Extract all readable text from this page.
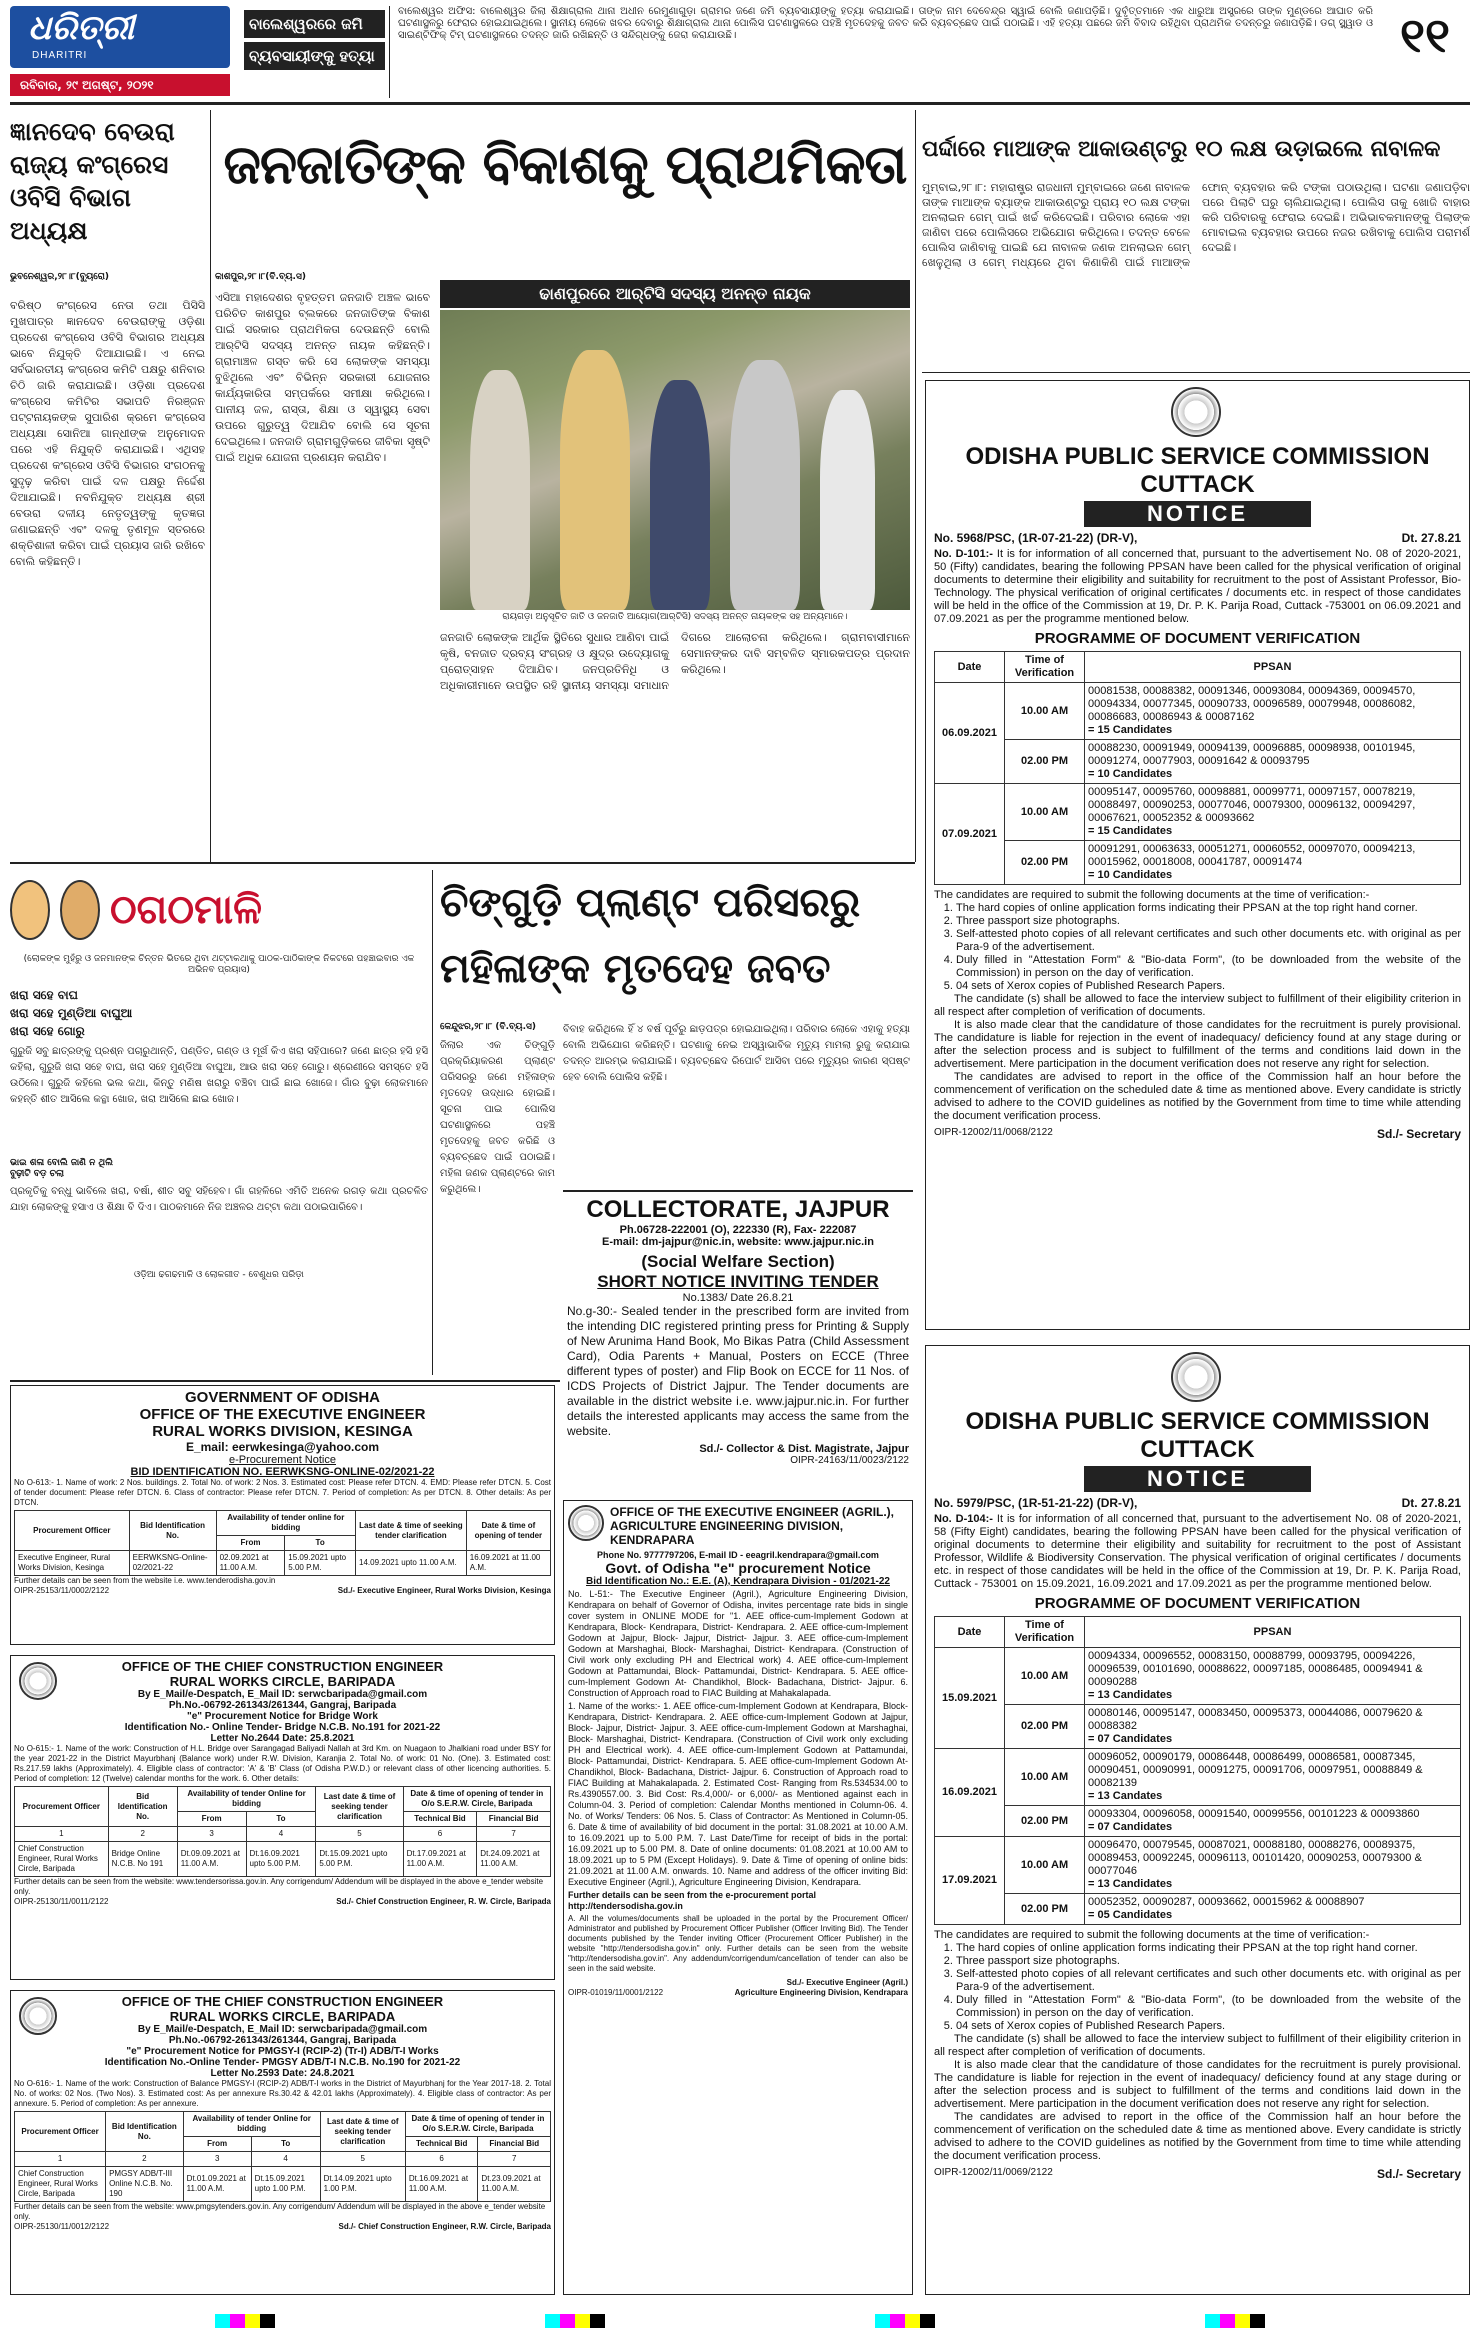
ଧରିତ୍ରୀ
DHARITRI
ରବିବାର, ୨୯ ଅଗଷ୍ଟ, ୨୦୨୧
୧୧
ବାଲେଶ୍ୱରରେ ଜମି
ବ୍ୟବସାୟୀଙ୍କୁ ହତ୍ୟା
ବାଲେଶ୍ୱର ଅଫିସ: ବାଲେଶ୍ୱର ଜିଲା ଶିକ୍ଷାଗ୍ରାଲ ଥାନା ଅଧୀନ ରେମୁଣାଗୁଡ଼ା ଗ୍ରାମର ଜଣେ ଜମି ବ୍ୟବସାୟୀଙ୍କୁ ହତ୍ୟା କରାଯାଇଛି। ତାଙ୍କ ନାମ ଦେବେନ୍ଦ୍ର ସ୍ୱାଇଁ ବୋଲି ଜଣାପଡ଼ିଛି। ଦୁର୍ବୃତ୍ତମାନେ ଏକ ଧାରୁଆ ଅସ୍ତ୍ରରେ ତାଙ୍କ ମୁଣ୍ଡରେ ଆଘାତ କରି ଘଟଣାସ୍ଥଳରୁ ଫେରାର ହୋଇଯାଇଥିଲେ। ସ୍ଥାନୀୟ ଲୋକେ ଖବର ଦେବାରୁ ଶିକ୍ଷାଗ୍ରାଲ ଥାନା ପୋଲିସ ଘଟଣାସ୍ଥଳରେ ପହଞ୍ଚି ମୃତଦେହକୁ ଜବତ କରି ବ୍ୟବଚ୍ଛେଦ ପାଇଁ ପଠାଇଛି। ଏହି ହତ୍ୟା ପଛରେ ଜମି ବିବାଦ ରହିଥିବା ପ୍ରାଥମିକ ତଦନ୍ତରୁ ଜଣାପଡ଼ିଛି। ଡଗ୍ ସ୍କ୍ୱାଡ ଓ ସାଇଣ୍ଟିଫିକ୍ ଟିମ୍ ଘଟଣାସ୍ଥଳରେ ତଦନ୍ତ ଜାରି ରଖିଛନ୍ତି ଓ ସନ୍ଦିଗ୍ଧଙ୍କୁ ଜେରା କରାଯାଉଛି।
ଜ୍ଞାନଦେବ ବେଉରା ରାଜ୍ୟ କଂଗ୍ରେସ ଓବିସି ବିଭାଗ ଅଧ୍ୟକ୍ଷ
ଭୁବନେଶ୍ୱର,୨୮।୮(ବ୍ୟୁରୋ)
ବରିଷ୍ଠ କଂଗ୍ରେସ ନେତା ତଥା ପିସିସି ମୁଖପାତ୍ର ଜ୍ଞାନଦେବ ବେଉରାଙ୍କୁ ଓଡ଼ିଶା ପ୍ରଦେଶ କଂଗ୍ରେସ ଓବିସି ବିଭାଗର ଅଧ୍ୟକ୍ଷ ଭାବେ ନିଯୁକ୍ତି ଦିଆଯାଇଛି। ଏ ନେଇ ସର୍ବଭାରତୀୟ କଂଗ୍ରେସ କମିଟି ପକ୍ଷରୁ ଶନିବାର ଚିଠି ଜାରି କରାଯାଇଛି। ଓଡ଼ିଶା ପ୍ରଦେଶ କଂଗ୍ରେସ କମିଟିର ସଭାପତି ନିରଞ୍ଜନ ପଟ୍ଟନାୟକଙ୍କ ସୁପାରିଶ କ୍ରମେ କଂଗ୍ରେସ ଅଧ୍ୟକ୍ଷା ସୋନିଆ ଗାନ୍ଧୀଙ୍କ ଅନୁମୋଦନ ପରେ ଏହି ନିଯୁକ୍ତି କରାଯାଇଛି। ଏଥିସହ ପ୍ରଦେଶ କଂଗ୍ରେସ ଓବିସି ବିଭାଗର ସଂଗଠନକୁ ସୁଦୃଢ଼ କରିବା ପାଇଁ ଦଳ ପକ୍ଷରୁ ନିର୍ଦ୍ଦେଶ ଦିଆଯାଇଛି। ନବନିଯୁକ୍ତ ଅଧ୍ୟକ୍ଷ ଶ୍ରୀ ବେଉରା ଦଳୀୟ ନେତୃତ୍ୱଙ୍କୁ କୃତଜ୍ଞତା ଜଣାଇଛନ୍ତି ଏବଂ ଦଳକୁ ତୃଣମୂଳ ସ୍ତରରେ ଶକ୍ତିଶାଳୀ କରିବା ପାଇଁ ପ୍ରୟାସ ଜାରି ରଖିବେ ବୋଲି କହିଛନ୍ତି।
ଜନଜାତିଙ୍କ ବିକାଶକୁ ପ୍ରାଥମିକତା
ଢାଣପୁରରେ ଆର୍‌ଟିସି ସଦସ୍ୟ ଅନନ୍ତ ନାୟକ
କାଶପୁର,୨୮।୮(ବି.ବ୍ୟ.ସ)
ଏସିଆ ମହାଦେଶର ବୃହତ୍ତମ ଜନଜାତି ଅଞ୍ଚଳ ଭାବେ ପରିଚିତ କାଶପୁର ବ୍ଲକରେ ଜନଜାତିଙ୍କ ବିକାଶ ପାଇଁ ସରକାର ପ୍ରାଥମିକତା ଦେଉଛନ୍ତି ବୋଲି ଆର୍‌ଟିସି ସଦସ୍ୟ ଅନନ୍ତ ନାୟକ କହିଛନ୍ତି। ଗ୍ରାମାଞ୍ଚଳ ଗସ୍ତ କରି ସେ ଲୋକଙ୍କ ସମସ୍ୟା ବୁଝିଥିଲେ ଏବଂ ବିଭିନ୍ନ ସରକାରୀ ଯୋଜନାର କାର୍ଯ୍ୟକାରିତା ସମ୍ପର୍କରେ ସମୀକ୍ଷା କରିଥିଲେ। ପାନୀୟ ଜଳ, ରାସ୍ତା, ଶିକ୍ଷା ଓ ସ୍ୱାସ୍ଥ୍ୟ ସେବା ଉପରେ ଗୁରୁତ୍ୱ ଦିଆଯିବ ବୋଲି ସେ ସୂଚନା ଦେଇଥିଲେ। ଜନଜାତି ଗ୍ରାମଗୁଡ଼ିକରେ ଜୀବିକା ସୃଷ୍ଟି ପାଇଁ ଅଧିକ ଯୋଜନା ପ୍ରଣୟନ କରାଯିବ।
ରାୟଗଡ଼ା ଅନୁସୂଚିତ ଜାତି ଓ ଜନଜାତି ଆୟୋଗ(ଆର୍‌ଟିସି) ସଦସ୍ୟ ଅନନ୍ତ ନାୟକଙ୍କ ସହ ଅନ୍ୟମାନେ।
ଜନଜାତି ଲୋକଙ୍କ ଆର୍ଥିକ ସ୍ଥିତିରେ ସୁଧାର ଆଣିବା ପାଇଁ କୃଷି, ବନଜାତ ଦ୍ରବ୍ୟ ସଂଗ୍ରହ ଓ କ୍ଷୁଦ୍ର ଉଦ୍ୟୋଗକୁ ପ୍ରୋତ୍ସାହନ ଦିଆଯିବ। ଜନପ୍ରତିନିଧି ଓ ଅଧିକାରୀମାନେ ଉପସ୍ଥିତ ରହି ସ୍ଥାନୀୟ ସମସ୍ୟା ସମାଧାନ ଦିଗରେ ଆଲୋଚନା କରିଥିଲେ। ଗ୍ରାମବାସୀମାନେ ସେମାନଙ୍କର ଦାବି ସମ୍ବଳିତ ସ୍ମାରକପତ୍ର ପ୍ରଦାନ କରିଥିଲେ।
ପର୍ଦ୍ଦାରେ ମାଆଙ୍କ ଆକାଉଣ୍ଟରୁ ୧୦ ଲକ୍ଷ ଉଡ଼ାଇଲେ ନାବାଳକ
ମୁମ୍ବାଇ,୨୮।୮: ମହାରାଷ୍ଟ୍ର ରାଜଧାନୀ ମୁମ୍ବାଇରେ ଜଣେ ନାବାଳକ ତାଙ୍କ ମାଆଙ୍କ ବ୍ୟାଙ୍କ ଆକାଉଣ୍ଟରୁ ପ୍ରାୟ ୧୦ ଲକ୍ଷ ଟଙ୍କା ଅନଲାଇନ ଗେମ୍ ପାଇଁ ଖର୍ଚ୍ଚ କରିଦେଇଛି। ପରିବାର ଲୋକେ ଏହା ଜାଣିବା ପରେ ପୋଲିସରେ ଅଭିଯୋଗ କରିଥିଲେ। ତଦନ୍ତ ବେଳେ ପୋଲିସ ଜାଣିବାକୁ ପାଇଛି ଯେ ନାବାଳକ ଜଣକ ଅନଲାଇନ ଗେମ୍ ଖେଳୁଥିଲା ଓ ଗେମ୍ ମଧ୍ୟରେ ଥିବା କିଣାକିଣି ପାଇଁ ମାଆଙ୍କ ଫୋନ୍ ବ୍ୟବହାର କରି ଟଙ୍କା ପଠାଉଥିଲା। ଘଟଣା ଜଣାପଡ଼ିବା ପରେ ପିଲାଟି ଘରୁ ଚାଲିଯାଇଥିଲା। ପୋଲିସ ତାକୁ ଖୋଜି ବାହାର କରି ପରିବାରକୁ ଫେରାଇ ଦେଇଛି। ଅଭିଭାବକମାନଙ୍କୁ ପିଲାଙ୍କ ମୋବାଇଲ ବ୍ୟବହାର ଉପରେ ନଜର ରଖିବାକୁ ପୋଲିସ ପରାମର୍ଶ ଦେଇଛି।
ODISHA PUBLIC SERVICE COMMISSION
CUTTACK
NOTICE
No. 5968/PSC, (1R-07-21-22) (DR-V),	Dt. 27.8.21
No. D-101:- It is for information of all concerned that, pursuant to the advertisement No. 08 of 2020-2021, 50 (Fifty) candidates, bearing the following PPSAN have been called for the physical verification of original documents to determine their eligibility and suitability for recruitment to the post of Assistant Professor, Bio-Technology. The physical verification of original certificates / documents etc. in respect of those candidates will be held in the office of the Commission at 19, Dr. P. K. Parija Road, Cuttack -753001 on 06.09.2021 and 07.09.2021 as per the programme mentioned below.
PROGRAMME OF DOCUMENT VERIFICATION
Date	Time of Verification	PPSAN
06.09.2021	10.00 AM	00081538, 00088382, 00091346, 00093084, 00094369, 00094570, 00094334, 00077345, 00090733, 00096589, 00079948, 00086082, 00086683, 00086943 & 00087162
= 15 Candidates

	02.00 PM	00088230, 00091949, 00094139, 00096885, 00098938, 00101945, 00091274, 00077903, 00091642 & 00093795
= 10 Candidates

07.09.2021	10.00 AM	00095147, 00095760, 00098881, 00099771, 00097157, 00078219, 00088497, 00090253, 00077046, 00079300, 00096132, 00094297, 00067621, 00052352 & 00093662
= 15 Candidates

	02.00 PM	00091291, 00063633, 00051271, 00060552, 00097070, 00094213, 00015962, 00018008, 00041787, 00091474
= 10 Candidates
The candidates are required to submit the following documents at the time of verification:-
1. The hard copies of online application forms indicating their PPSAN at the top right hand corner.
2. Three passport size photographs.
3. Self-attested photo copies of all relevant certificates and such other documents etc. with original as per Para-9 of the advertisement.
4. Duly filled in "Attestation Form" & "Bio-data Form", (to be downloaded from the website of the Commission) in person on the day of verification.
5. 04 sets of Xerox copies of Published Research Papers.
The candidate (s) shall be allowed to face the interview subject to fulfillment of their eligibility criterion in all respect after completion of verification of documents.
It is also made clear that the candidature of those candidates for the recruitment is purely provisional. The candidature is liable for rejection in the event of inadequacy/ deficiency found at any stage during or after the selection process and is subject to fulfillment of the terms and conditions laid down in the advertisement. Mere participation in the document verification does not reserve any right for selection.
The candidates are advised to report in the office of the Commission half an hour before the commencement of verification on the scheduled date & time as mentioned above. Every candidate is strictly advised to adhere to the COVID guidelines as notified by the Government from time to time while attending the document verification process.
OIPR-12002/11/0068/2122	Sd./- Secretary
ODISHA PUBLIC SERVICE COMMISSION
CUTTACK
NOTICE
No. 5979/PSC, (1R-51-21-22) (DR-V),	Dt. 27.8.21
No. D-104:- It is for information of all concerned that, pursuant to the advertisement No. 08 of 2020-2021, 58 (Fifty Eight) candidates, bearing the following PPSAN have been called for the physical verification of original documents to determine their eligibility and suitability for recruitment to the post of Assistant Professor, Wildlife & Biodiversity Conservation. The physical verification of original certificates / documents etc. in respect of those candidates will be held in the office of the Commission at 19, Dr. P. K. Parija Road, Cuttack - 753001 on 15.09.2021, 16.09.2021 and 17.09.2021 as per the programme mentioned below.
PROGRAMME OF DOCUMENT VERIFICATION
Date	Time of Verification	PPSAN
15.09.2021	10.00 AM	00094334, 00096552, 00083150, 00088799, 00093795, 00094226, 00096539, 00101690, 00088622, 00097185, 00086485, 00094941 & 00090288
= 13 Candidates

	02.00 PM	00080146, 00095147, 00083450, 00095373, 00044086, 00079620 & 00088382
= 07 Candidates

16.09.2021	10.00 AM	00096052, 00090179, 00086448, 00086499, 00086581, 00087345, 00090451, 00090991, 00091275, 00091706, 00097951, 00088849 & 00082139
= 13 Candates

	02.00 PM	00093304, 00096058, 00091540, 00099556, 00101223 & 00093860
= 07 Candidates

17.09.2021	10.00 AM	00096470, 00079545, 00087021, 00088180, 00088276, 00089375, 00089453, 00092245, 00096113, 00101420, 00090253, 00079300 & 00077046
= 13 Candidates

	02.00 PM	00052352, 00090287, 00093662, 00015962 & 00088907
= 05 Candidates
The candidates are required to submit the following documents at the time of verification:-
1. The hard copies of online application forms indicating their PPSAN at the top right hand corner.
2. Three passport size photographs.
3. Self-attested photo copies of all relevant certificates and such other documents etc. with original as per Para-9 of the advertisement.
4. Duly filled in "Attestation Form" & "Bio-data Form", (to be downloaded from the website of the Commission) in person on the day of verification.
5. 04 sets of Xerox copies of Published Research Papers.
The candidate (s) shall be allowed to face the interview subject to fulfillment of their eligibility criterion in all respect after completion of verification of documents.
It is also made clear that the candidature of those candidates for the recruitment is purely provisional. The candidature is liable for rejection in the event of inadequacy/ deficiency found at any stage during or after the selection process and is subject to fulfillment of the terms and conditions laid down in the advertisement. Mere participation in the document verification does not reserve any right for selection.
The candidates are advised to report in the office of the Commission half an hour before the commencement of verification on the scheduled date & time as mentioned above. Every candidate is strictly advised to adhere to the COVID guidelines as notified by the Government from time to time while attending the document verification process.
OIPR-12002/11/0069/2122	Sd./- Secretary
ଠଗଠମାଳି
(ଲୋକଙ୍କ ମୁହଁରୁ ଓ ଜନମାନଙ୍କ ଚିନ୍ତନ ଭିତରେ ଥିବା ଥଟ୍ଟାକଥାକୁ ପାଠକ-ପାଠିକାଙ୍କ ନିକଟରେ ପହଞ୍ଚାଇବାର ଏକ ଅଭିନବ ପ୍ରୟାସ)
ଖରା ସହେ ବାଘ
ଖରା ସହେ ମୁଣ୍ଡିଆ ବାଘୁଆ
ଖରା ସହେ ଗୋରୁ
ଗୁରୁଜି ସବୁ ଛାତ୍ରଙ୍କୁ ପ୍ରଶ୍ନ ପଚାରୁଥାନ୍ତି, ପଣ୍ଡିତ, ଗଣ୍ଡ ଓ ମୂର୍ଖ କିଏ ଖରା ସହିପାରେ? ଜଣେ ଛାତ୍ର ହସି ହସି କହିଲା, ଗୁରୁଜି ଖରା ସହେ ବାଘ, ଖରା ସହେ ମୁଣ୍ଡିଆ ବାଘୁଆ, ଆଉ ଖରା ସହେ ଗୋରୁ। ଶ୍ରେଣୀରେ ସମସ୍ତେ ହସି ଉଠିଲେ। ଗୁରୁଜି କହିଲେ ଭଲ କଥା, କିନ୍ତୁ ମଣିଷ ଖରାରୁ ବଞ୍ଚିବା ପାଇଁ ଛାଇ ଖୋଜେ। ଗାଁର ବୁଢ଼ା ଲୋକମାନେ କହନ୍ତି ଶୀତ ଆସିଲେ କନ୍ଥା ଖୋଜ, ଖରା ଆସିଲେ ଛାଇ ଖୋଜ।
ଭାଇ ଶଳା ବୋଲି ଜାଣି ନ ଥିଲି
ବୁଢ଼ୀଟି ବଡ଼ ଚଲା
ପ୍ରକୃତିକୁ ବନ୍ଧୁ ଭାବିଲେ ଖରା, ବର୍ଷା, ଶୀତ ସବୁ ସହିହେବ। ଗାଁ ଗହଳିରେ ଏମିତି ଅନେକ ରଗଡ଼ କଥା ପ୍ରଚଳିତ ଯାହା ଲୋକଙ୍କୁ ହସାଏ ଓ ଶିକ୍ଷା ବି ଦିଏ। ପାଠକମାନେ ନିଜ ଅଞ୍ଚଳର ଥଟ୍ଟା କଥା ପଠାଇପାରିବେ।
ଓଡ଼ିଆ ଢଗଢମାଳି ଓ ଲୋକଗୀତ - ବେଣୁଧର ପରିଡ଼ା
ଚିଙ୍ଗୁଡ଼ି ପ୍ଲାଣ୍ଟ ପରିସରରୁ ମହିଳାଙ୍କ ମୃତଦେହ ଜବତ
କେନ୍ଦୁଝର,୨୮।୮ (ବି.ବ୍ୟ.ସ)
ଜିଲାର ଏକ ଚିଙ୍ଗୁଡ଼ି ପ୍ରକ୍ରିୟାକରଣ ପ୍ଲାଣ୍ଟ ପରିସରରୁ ଜଣେ ମହିଳାଙ୍କ ମୃତଦେହ ଉଦ୍ଧାର ହୋଇଛି। ସୂଚନା ପାଇ ପୋଲିସ ଘଟଣାସ୍ଥଳରେ ପହଞ୍ଚି ମୃତଦେହକୁ ଜବତ କରିଛି ଓ ବ୍ୟବଚ୍ଛେଦ ପାଇଁ ପଠାଇଛି। ମହିଳା ଜଣକ ପ୍ଲାଣ୍ଟରେ କାମ କରୁଥିଲେ।
ବିବାହ କରିଥିଲେ ହିଁ ୪ ବର୍ଷ ପୂର୍ବରୁ ଛାଡ଼ପତ୍ର ହୋଇଯାଇଥିଲା। ପରିବାର ଲୋକେ ଏହାକୁ ହତ୍ୟା ବୋଲି ଅଭିଯୋଗ କରିଛନ୍ତି। ଘଟଣାକୁ ନେଇ ଅସ୍ୱାଭାବିକ ମୃତ୍ୟୁ ମାମଲା ରୁଜୁ କରାଯାଇ ତଦନ୍ତ ଆରମ୍ଭ କରାଯାଇଛି। ବ୍ୟବଚ୍ଛେଦ ରିପୋର୍ଟ ଆସିବା ପରେ ମୃତ୍ୟୁର କାରଣ ସ୍ପଷ୍ଟ ହେବ ବୋଲି ପୋଲିସ କହିଛି।
COLLECTORATE, JAJPUR
Ph.06728-222001 (O), 222330 (R), Fax- 222087
E-mail: dm-jajpur@nic.in, website: www.jajpur.nic.in
(Social Welfare Section)
SHORT NOTICE INVITING TENDER
No.1383/ Date 26.8.21
No.g-30:- Sealed tender in the prescribed form are invited from the intending DIC registered printing press for Printing & Supply of New Arunima Hand Book, Mo Bikas Patra (Child Assessment Card), Odia Parents + Manual, Posters on ECCE (Three different types of poster) and Flip Book on ECCE for 11 Nos. of ICDS Projects of District Jajpur. The Tender documents are available in the district website i.e. www.jajpur.nic.in. For further details the interested applicants may access the same from the website.
Sd./- Collector & Dist. Magistrate, Jajpur
OIPR-24163/11/0023/2122
GOVERNMENT OF ODISHA
OFFICE OF THE EXECUTIVE ENGINEER
RURAL WORKS DIVISION, KESINGA
E_mail: eerwkesinga@yahoo.com
e-Procurement Notice
BID IDENTIFICATION NO. EERWKSNG-ONLINE-02/2021-22
No O-613:- 1. Name of work: 2 Nos. buildings. 2. Total No. of work: 2 Nos. 3. Estimated cost: Please refer DTCN. 4. EMD: Please refer DTCN. 5. Cost of tender document: Please refer DTCN. 6. Class of contractor: Please refer DTCN. 7. Period of completion: As per DTCN. 8. Other details: As per DTCN.
Procurement Officer	Bid Identification No.	Availability of tender online for bidding		Last date & time of seeking tender clarification	Date & time of opening of tender
		From	To		
Executive Engineer, Rural Works Division, Kesinga	EERWKSNG-Online- 02/2021-22	02.09.2021 at 11.00 A.M.	15.09.2021 upto 5.00 P.M.	14.09.2021 upto 11.00 A.M.	16.09.2021 at 11.00 A.M.
Further details can be seen from the website i.e. www.tenderodisha.gov.in
OIPR-25153/11/0002/2122	Sd./- Executive Engineer, Rural Works Division, Kesinga
OFFICE OF THE CHIEF CONSTRUCTION ENGINEER
RURAL WORKS CIRCLE, BARIPADA
By E_Mail/e-Despatch, E_Mail ID: serwcbaripada@gmail.com
Ph.No.-06792-261343/261344, Gangraj, Baripada
"e" Procurement Notice for Bridge Work
Identification No.- Online Tender- Bridge N.C.B. No.191 for 2021-22
Letter No.2644 Date: 25.8.2021
No O-615:- 1. Name of the work: Construction of H.L. Bridge over Sarangagad Baliyadi Nallah at 3rd Km. on Nuagaon to Jhalkiani road under BSY for the year 2021-22 in the District Mayurbhanj (Balance work) under R.W. Division, Karanjia 2. Total No. of work: 01 No. (One). 3. Estimated cost: Rs.217.59 lakhs (Approximately). 4. Eligible class of contractor: 'A' & 'B' Class (of Odisha P.W.D.) or relevant class of other licencing authorities. 5. Period of completion: 12 (Twelve) calendar months for the work. 6. Other details:
Procurement Officer	Bid Identification No.	Availability of tender Online for bidding		Last date & time of seeking tender clarification	Date & time of opening of tender in O/o S.E.R.W. Circle, Baripada	
		From	To		Technical Bid	Financial Bid
1	2	3	4	5	6	7
Chief Construction Engineer, Rural Works Circle, Baripada	Bridge Online N.C.B. No 191	Dt.09.09.2021 at 11.00 A.M.	Dt.16.09.2021 upto 5.00 P.M.	Dt.15.09.2021 upto 5.00 P.M.	Dt.17.09.2021 at 11.00 A.M.	Dt.24.09.2021 at 11.00 A.M.
Further details can be seen from the website: www.tendersorissa.gov.in. Any corrigendum/ Addendum will be displayed in the above e_tender website only.
OIPR-25130/11/0011/2122	Sd./- Chief Construction Engineer, R. W. Circle, Baripada
OFFICE OF THE CHIEF CONSTRUCTION ENGINEER
RURAL WORKS CIRCLE, BARIPADA
By E_Mail/e-Despatch, E_Mail ID: serwcbaripada@gmail.com
Ph.No.-06792-261343/261344, Gangraj, Baripada
"e" Procurement Notice for PMGSY-I (RCIP-2) (Tr-I) ADB/T-I Works
Identification No.-Online Tender- PMGSY ADB/T-I N.C.B. No.190 for 2021-22
Letter No.2593 Date: 24.8.2021
No O-616:- 1. Name of the work: Construction of Balance PMGSY-I (RCIP-2) ADB/T-I works in the District of Mayurbhanj for the Year 2017-18. 2. Total No. of works: 02 Nos. (Two Nos). 3. Estimated cost: As per annexure Rs.30.42 & 42.01 lakhs (Approximately). 4. Eligible class of contractor: As per annexure. 5. Period of completion: As per annexure.
Procurement Officer	Bid Identification No.	Availability of tender Online for bidding		Last date & time of seeking tender clarification	Date & time of opening of tender in O/o S.E.R.W. Circle, Baripada	
		From	To		Technical Bid	Financial Bid
1	2	3	4	5	6	7
Chief Construction Engineer, Rural Works Circle, Baripada	PMGSY ADB/T-III Online N.C.B. No. 190	Dt.01.09.2021 at 11.00 A.M.	Dt.15.09.2021 upto 1.00 P.M.	Dt.14.09.2021 upto 1.00 P.M.	Dt.16.09.2021 at 11.00 A.M.	Dt.23.09.2021 at 11.00 A.M.
Further details can be seen from the website: www.pmgsytenders.gov.in. Any corrigendum/ Addendum will be displayed in the above e_tender website only.
OIPR-25130/11/0012/2122	Sd./- Chief Construction Engineer, R.W. Circle, Baripada
OFFICE OF THE EXECUTIVE ENGINEER (AGRIL.), AGRICULTURE ENGINEERING DIVISION, KENDRAPARA
Phone No. 9777797206, E-mail ID - eeagril.kendrapara@gmail.com
Govt. of Odisha "e" procurement Notice
Bid Identification No.: E.E. (A), Kendrapara Division - 01/2021-22
No. L-51:- The Executive Engineer (Agril.), Agriculture Engineering Division, Kendrapara on behalf of Governor of Odisha, invites percentage rate bids in single cover system in ONLINE MODE for "1. AEE office-cum-Implement Godown at Kendrapara, Block- Kendrapara, District- Kendrapara. 2. AEE office-cum-Implement Godown at Jajpur, Block- Jajpur, District- Jajpur. 3. AEE office-cum-Implement Godown at Marshaghai, Block- Marshaghai, District- Kendrapara. (Construction of Civil work only excluding PH and Electrical work) 4. AEE office-cum-Implement Godown at Pattamundai, Block- Pattamundai, District- Kendrapara. 5. AEE office-cum-Implement Godown At- Chandikhol, Block- Badachana, District- Jajpur. 6. Construction of Approach road to FIAC Building at Mahakalapada.
1. Name of the works:- 1. AEE office-cum-Implement Godown at Kendrapara, Block- Kendrapara, District- Kendrapara. 2. AEE office-cum-Implement Godown at Jajpur, Block- Jajpur, District- Jajpur. 3. AEE office-cum-Implement Godown at Marshaghai, Block- Marshaghai, District- Kendrapara. (Construction of Civil work only excluding PH and Electrical work). 4. AEE office-cum-Implement Godown at Pattamundai, Block- Pattamundai, District- Kendrapara. 5. AEE office-cum-Implement Godown At- Chandikhol, Block- Badachana, District- Jajpur. 6. Construction of Approach road to FIAC Building at Mahakalapada. 2. Estimated Cost- Ranging from Rs.534534.00 to Rs.4390557.00. 3. Bid Cost: Rs.4,000/- or 6,000/- as Mentioned against each in Column-04. 3. Period of completion: Calendar Months mentioned in Column-06. 4. No. of Works/ Tenders: 06 Nos. 5. Class of Contractor: As Mentioned in Column-05. 6. Date & time of availability of bid document in the portal: 31.08.2021 at 10.00 A.M. to 16.09.2021 up to 5.00 P.M. 7. Last Date/Time for receipt of bids in the portal: 16.09.2021 up to 5.00 PM. 8. Date of online documents: 01.08.2021 at 10.00 AM to 18.09.2021 up to 5 PM (Except Holidays). 9. Date & Time of opening of online bids: 21.09.2021 at 11.00 A.M. onwards. 10. Name and address of the officer inviting Bid: Executive Engineer (Agril.), Agriculture Engineering Division, Kendrapara.
Further details can be seen from the e-procurement portal http://tendersodisha.gov.in
A. All the volumes/documents shall be uploaded in the portal by the Procurement Officer/ Administrator and published by Procurement Officer Publisher (Officer Inviting Bid). The Tender documents published by the Tender inviting Officer (Procurement Officer Publisher) in the website "http://tendersodisha.gov.in" only. Further details can be seen from the website "http://tendersodisha.gov.in". Any addendum/corrigendum/cancellation of tender can also be seen in the said website.
Sd./- Executive Engineer (Agril.)
OIPR-01019/11/0001/2122	Agriculture Engineering Division, Kendrapara
